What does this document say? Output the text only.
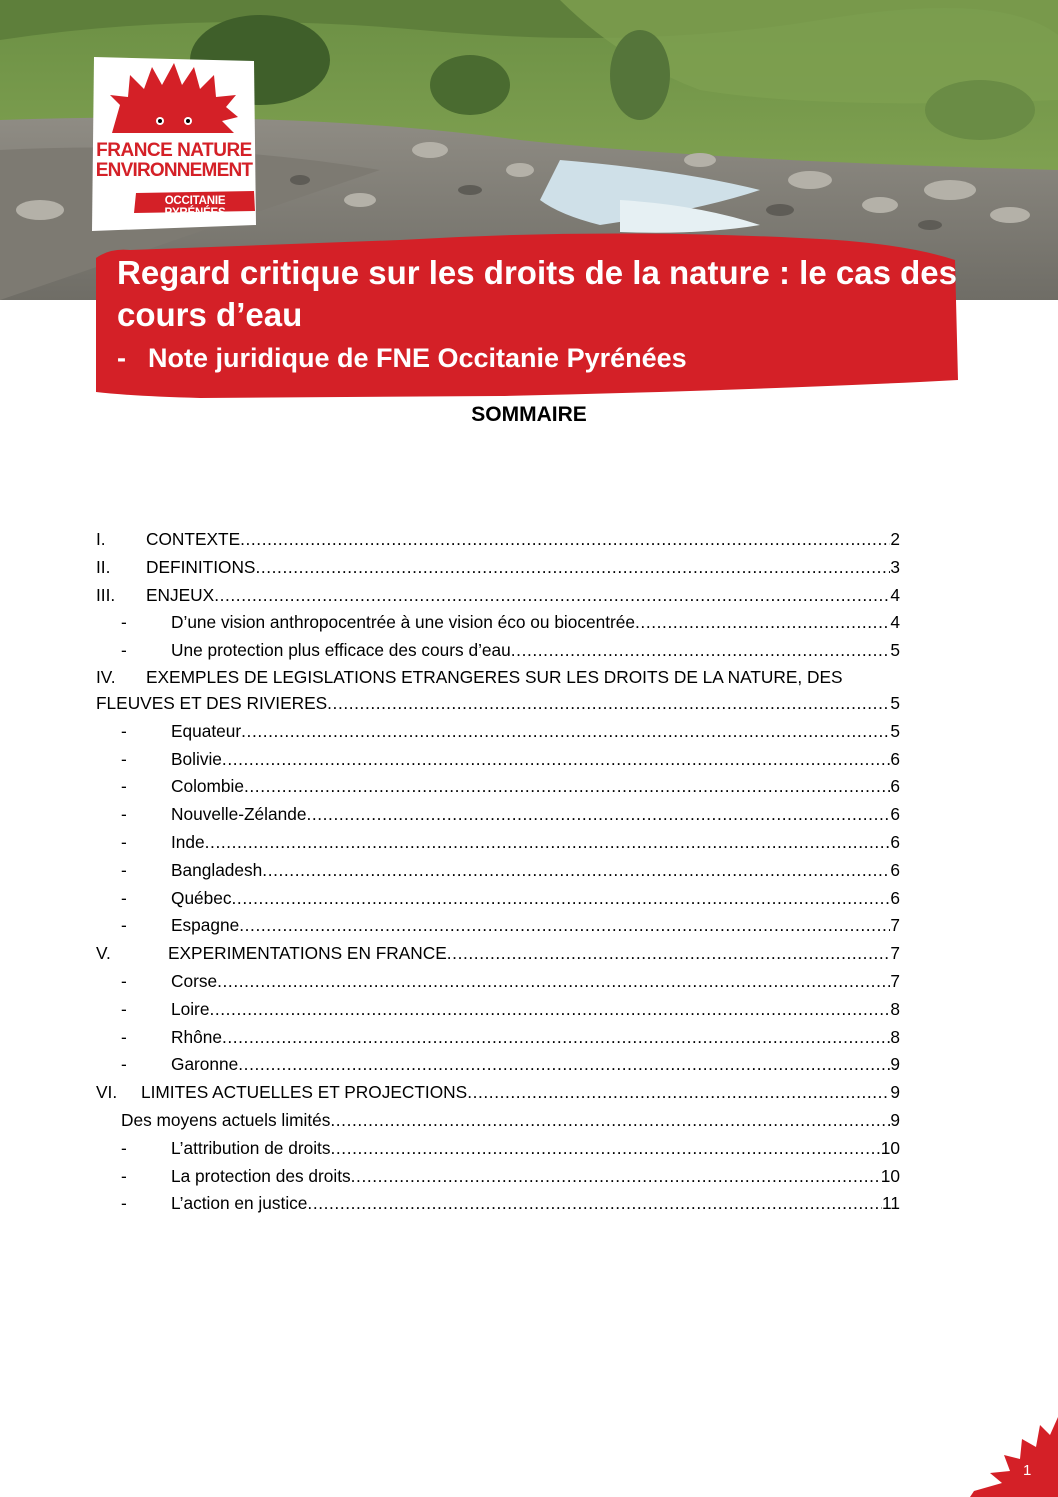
FRANCE NATURE
ENVIRONNEMENT
OCCITANIE PYRÉNÉES
Regard critique sur les droits de la nature : le cas des cours d’eau
- Note juridique de FNE Occitanie Pyrénées
SOMMAIRE
I.	CONTEXTE .....	2
II.	DEFINITIONS .....	3
III.	ENJEUX .....	4
-	D’une vision anthropocentrée à une vision éco ou biocentrée .....	4
-	Une protection plus efficace des cours d’eau .....	5
IV.	EXEMPLES DE LEGISLATIONS ETRANGERES SUR LES DROITS DE LA NATURE, DES
FLEUVES ET DES RIVIERES .....	5
-	Equateur .....	5
-	Bolivie .....	6
-	Colombie .....	6
-	Nouvelle-Zélande .....	6
-	Inde .....	6
-	Bangladesh .....	6
-	Québec .....	6
-	Espagne .....	7
V.	EXPERIMENTATIONS EN FRANCE .....	7
-	Corse .....	7
-	Loire .....	8
-	Rhône .....	8
-	Garonne .....	9
VI.	LIMITES ACTUELLES ET PROJECTIONS .....	9
Des moyens actuels limités .....	9
-	L’attribution de droits .....	10
-	La protection des droits .....	10
-	L’action en justice .....	11
1
